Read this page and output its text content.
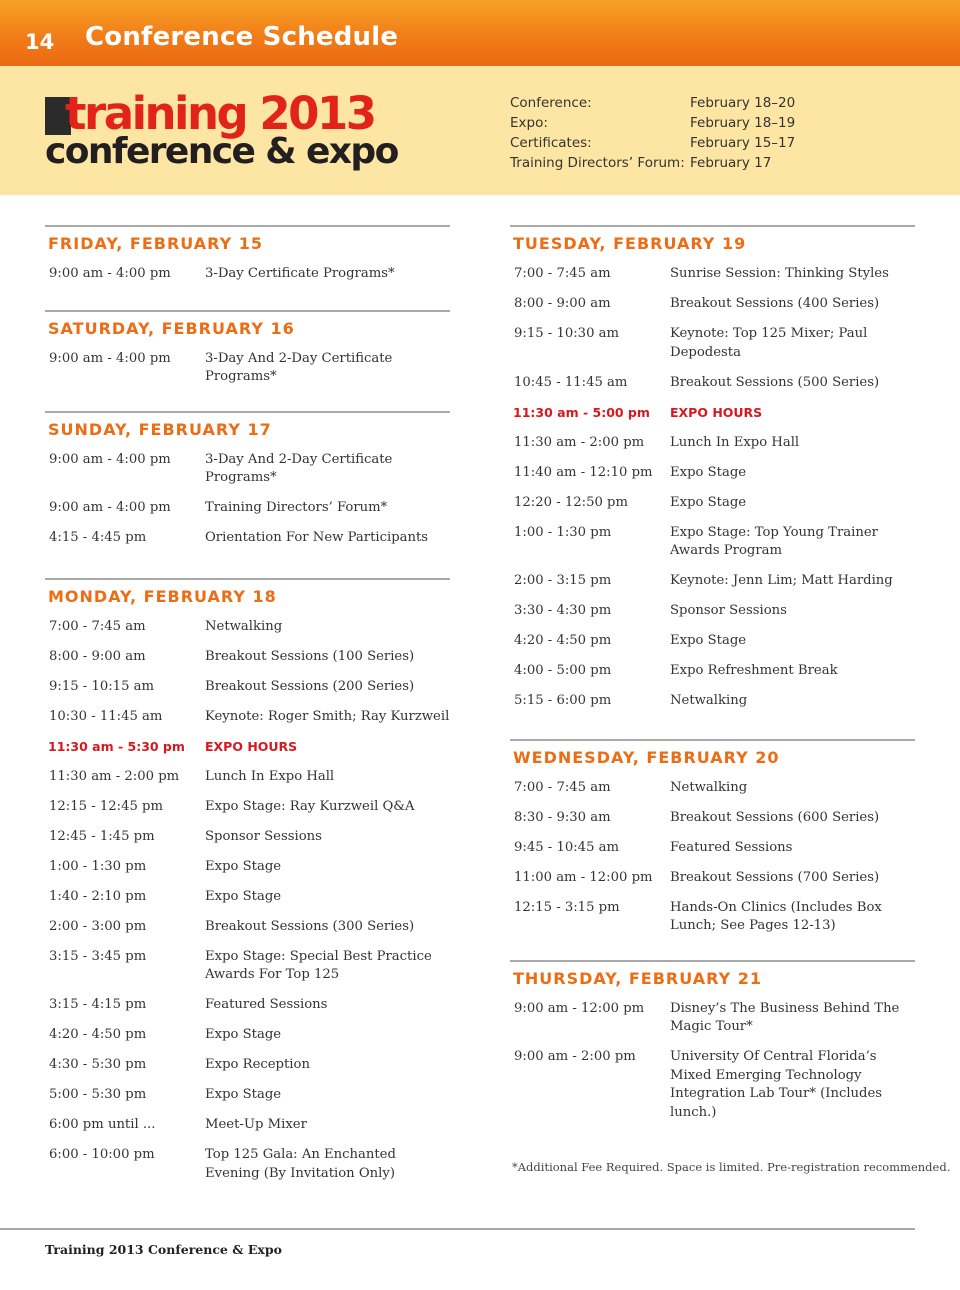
14 Conference Schedule
training 2013
conference & expo
Conference:	February 18–20
Expo:	February 18–19
Certificates:	February 15–17
Training Directors’ Forum: February 17
FRIDAY, FEBRUARY 15
9:00 am - 4:00 pm	3-Day Certificate Programs*
SATURDAY, FEBRUARY 16
9:00 am - 4:00 pm	3-Day And 2-Day Certificate Programs*
SUNDAY, FEBRUARY 17
9:00 am - 4:00 pm	3-Day And 2-Day Certificate Programs*
9:00 am - 4:00 pm	Training Directors’ Forum*
4:15 - 4:45 pm	Orientation For New Participants
MONDAY, FEBRUARY 18
7:00 - 7:45 am	Netwalking
8:00 - 9:00 am	Breakout Sessions (100 Series)
9:15 - 10:15 am	Breakout Sessions (200 Series)
10:30 - 11:45 am	Keynote: Roger Smith; Ray Kurzweil
11:30 am - 5:30 pm	EXPO HOURS
11:30 am - 2:00 pm	Lunch In Expo Hall
12:15 - 12:45 pm	Expo Stage: Ray Kurzweil Q&A
12:45 - 1:45 pm	Sponsor Sessions
1:00 - 1:30 pm	Expo Stage
1:40 - 2:10 pm	Expo Stage
2:00 - 3:00 pm	Breakout Sessions (300 Series)
3:15 - 3:45 pm	Expo Stage: Special Best Practice Awards For Top 125
3:15 - 4:15 pm	Featured Sessions
4:20 - 4:50 pm	Expo Stage
4:30 - 5:30 pm	Expo Reception
5:00 - 5:30 pm	Expo Stage
6:00 pm until ...	Meet-Up Mixer
6:00 - 10:00 pm	Top 125 Gala: An Enchanted Evening (By Invitation Only)
TUESDAY, FEBRUARY 19
7:00 - 7:45 am	Sunrise Session: Thinking Styles
8:00 - 9:00 am	Breakout Sessions (400 Series)
9:15 - 10:30 am	Keynote: Top 125 Mixer; Paul Depodesta
10:45 - 11:45 am	Breakout Sessions (500 Series)
11:30 am - 5:00 pm	EXPO HOURS
11:30 am - 2:00 pm	Lunch In Expo Hall
11:40 am - 12:10 pm	Expo Stage
12:20 - 12:50 pm	Expo Stage
1:00 - 1:30 pm	Expo Stage: Top Young Trainer Awards Program
2:00 - 3:15 pm	Keynote: Jenn Lim; Matt Harding
3:30 - 4:30 pm	Sponsor Sessions
4:20 - 4:50 pm	Expo Stage
4:00 - 5:00 pm	Expo Refreshment Break
5:15 - 6:00 pm	Netwalking
WEDNESDAY, FEBRUARY 20
7:00 - 7:45 am	Netwalking
8:30 - 9:30 am	Breakout Sessions (600 Series)
9:45 - 10:45 am	Featured Sessions
11:00 am - 12:00 pm	Breakout Sessions (700 Series)
12:15 - 3:15 pm	Hands-On Clinics (Includes Box Lunch; See Pages 12-13)
THURSDAY, FEBRUARY 21
9:00 am - 12:00 pm	Disney’s The Business Behind The Magic Tour*
9:00 am - 2:00 pm	University Of Central Florida’s Mixed Emerging Technology Integration Lab Tour* (Includes lunch.)
*Additional Fee Required. Space is limited. Pre-registration recommended.
Training 2013 Conference & Expo
